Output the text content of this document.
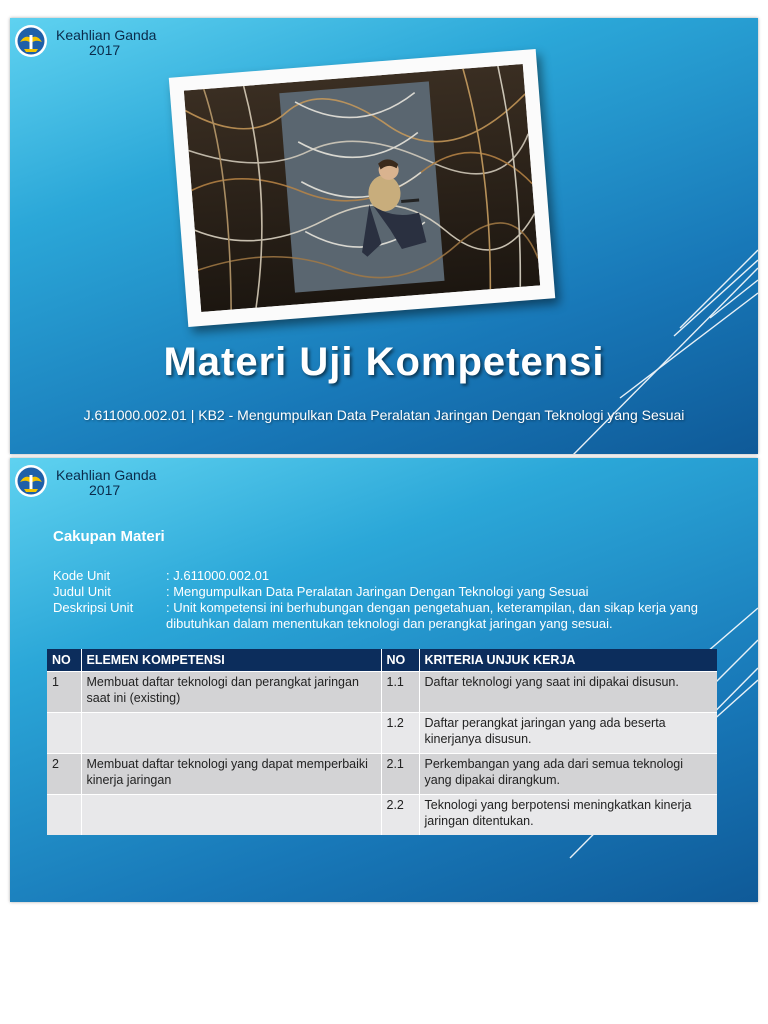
Keahlian Ganda
2017
Materi Uji Kompetensi
J.611000.002.01 | KB2 - Mengumpulkan Data Peralatan Jaringan Dengan Teknologi yang Sesuai
Keahlian Ganda
2017
Cakupan Materi
Kode Unit	: J.611000.002.01
Judul Unit	: Mengumpulkan Data Peralatan Jaringan Dengan Teknologi yang Sesuai
Deskripsi Unit	: Unit kompetensi ini berhubungan dengan pengetahuan, keterampilan, dan sikap kerja yang dibutuhkan dalam menentukan teknologi dan perangkat jaringan yang sesuai.
NO	ELEMEN KOMPETENSI	NO	KRITERIA UNJUK KERJA
1	Membuat daftar teknologi dan perangkat jaringan saat ini (existing)	1.1	Daftar teknologi yang saat ini dipakai disusun.
		1.2	Daftar perangkat jaringan yang ada beserta kinerjanya disusun.
2	Membuat daftar teknologi yang dapat memperbaiki kinerja jaringan	2.1	Perkembangan yang ada dari semua teknologi yang dipakai dirangkum.
		2.2	Teknologi yang berpotensi meningkatkan kinerja jaringan ditentukan.
